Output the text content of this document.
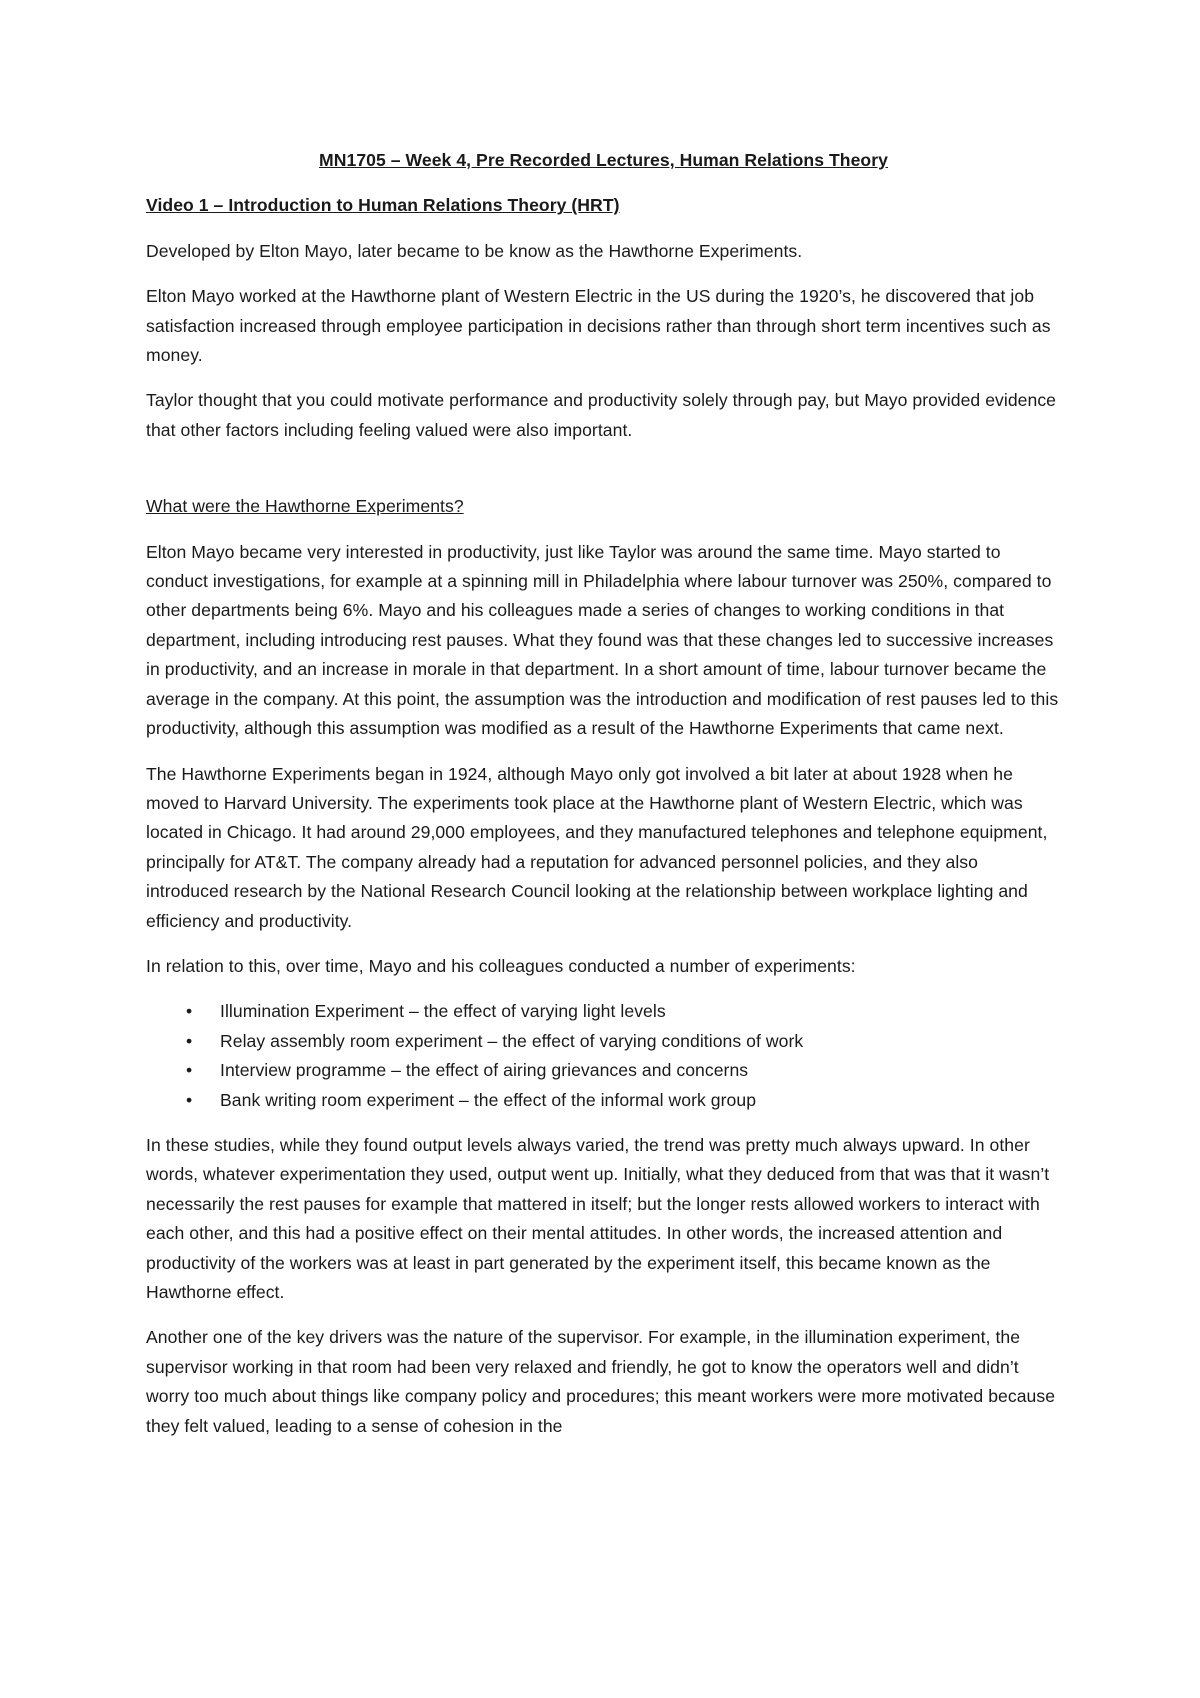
MN1705 – Week 4, Pre Recorded Lectures, Human Relations Theory
Video 1 – Introduction to Human Relations Theory (HRT)

Developed by Elton Mayo, later became to be know as the Hawthorne Experiments.

Elton Mayo worked at the Hawthorne plant of Western Electric in the US during the 1920’s, he discovered that job satisfaction increased through employee participation in decisions rather than through short term incentives such as money.

Taylor thought that you could motivate performance and productivity solely through pay, but Mayo provided evidence that other factors including feeling valued were also important.

What were the Hawthorne Experiments?

Elton Mayo became very interested in productivity, just like Taylor was around the same time. Mayo started to conduct investigations, for example at a spinning mill in Philadelphia where labour turnover was 250%, compared to other departments being 6%. Mayo and his colleagues made a series of changes to working conditions in that department, including introducing rest pauses. What they found was that these changes led to successive increases in productivity, and an increase in morale in that department. In a short amount of time, labour turnover became the average in the company. At this point, the assumption was the introduction and modification of rest pauses led to this productivity, although this assumption was modified as a result of the Hawthorne Experiments that came next.

The Hawthorne Experiments began in 1924, although Mayo only got involved a bit later at about 1928 when he moved to Harvard University. The experiments took place at the Hawthorne plant of Western Electric, which was located in Chicago. It had around 29,000 employees, and they manufactured telephones and telephone equipment, principally for AT&T. The company already had a reputation for advanced personnel policies, and they also introduced research by the National Research Council looking at the relationship between workplace lighting and efficiency and productivity.

In relation to this, over time, Mayo and his colleagues conducted a number of experiments:

• Illumination Experiment – the effect of varying light levels
• Relay assembly room experiment – the effect of varying conditions of work
• Interview programme – the effect of airing grievances and concerns
• Bank writing room experiment – the effect of the informal work group

In these studies, while they found output levels always varied, the trend was pretty much always upward. In other words, whatever experimentation they used, output went up. Initially, what they deduced from that was that it wasn’t necessarily the rest pauses for example that mattered in itself; but the longer rests allowed workers to interact with each other, and this had a positive effect on their mental attitudes. In other words, the increased attention and productivity of the workers was at least in part generated by the experiment itself, this became known as the Hawthorne effect.

Another one of the key drivers was the nature of the supervisor. For example, in the illumination experiment, the supervisor working in that room had been very relaxed and friendly, he got to know the operators well and didn’t worry too much about things like company policy and procedures; this meant workers were more motivated because they felt valued, leading to a sense of cohesion in the
